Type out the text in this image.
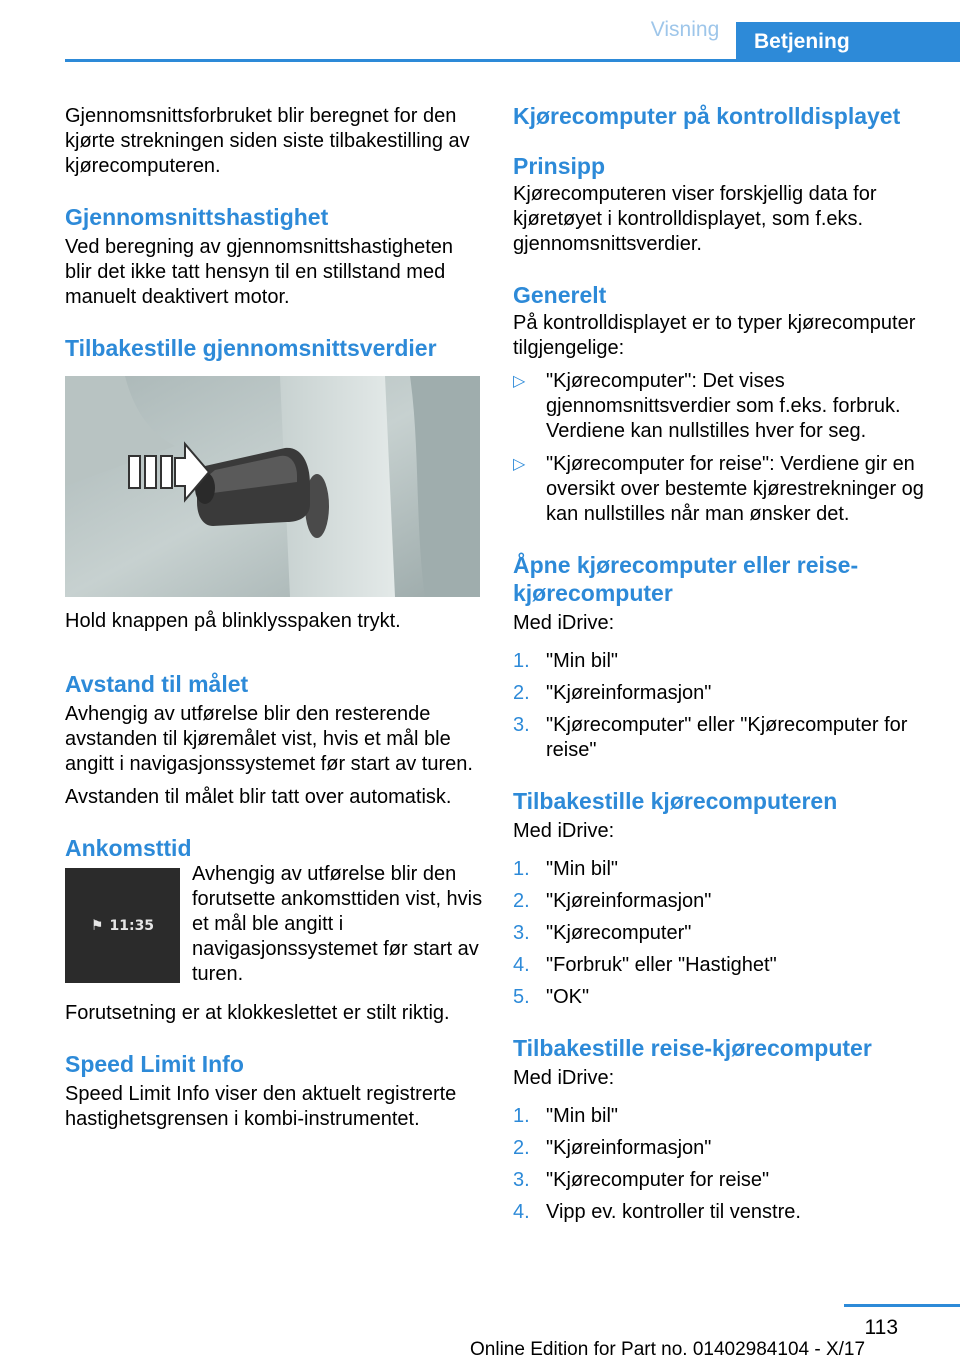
Visning
Betjening

Gjennomsnittsforbruket blir beregnet for den kjørte strekningen siden siste tilbakestilling av kjørecomputeren.

Gjennomsnittshastighet

Ved beregning av gjennomsnittshastigheten blir det ikke tatt hensyn til en stillstand med manuelt deaktivert motor.

Tilbakestille gjennomsnittsverdier

Hold knappen på blinklysspaken trykt.

Avstand til målet

Avhengig av utførelse blir den resterende avstanden til kjøremålet vist, hvis et mål ble angitt i navigasjonssystemet før start av turen.

Avstanden til målet blir tatt over automatisk.

Ankomsttid
⚑ 11:35

Avhengig av utførelse blir den forutsette ankomsttiden vist, hvis et mål ble angitt i navigasjonssystemet før start av turen.

Forutsetning er at klokkeslettet er stilt riktig.

Speed Limit Info

Speed Limit Info viser den aktuelt registrerte hastighetsgrensen i kombi-instrumentet.

Kjørecomputer på kontrolldisplayet
Prinsipp

Kjørecomputeren viser forskjellig data for kjøretøyet i kontrolldisplayet, som f.eks. gjennomsnittsverdier.

Generelt

På kontrolldisplayet er to typer kjørecomputer tilgjengelige:

▷	"Kjørecomputer": Det vises gjennomsnittsverdier som f.eks. forbruk. Verdiene kan nullstilles hver for seg.
▷	"Kjørecomputer for reise": Verdiene gir en oversikt over bestemte kjørestrekninger og kan nullstilles når man ønsker det.
Åpne kjørecomputer eller reise-kjørecomputer

Med iDrive:

1. "Min bil"
2. "Kjøreinformasjon"
3. "Kjørecomputer" eller "Kjørecomputer for reise"
Tilbakestille kjørecomputeren

Med iDrive:

1. "Min bil"
2. "Kjøreinformasjon"
3. "Kjørecomputer"
4. "Forbruk" eller "Hastighet"
5. "OK"
Tilbakestille reise-kjørecomputer

Med iDrive:

1. "Min bil"
2. "Kjøreinformasjon"
3. "Kjørecomputer for reise"
4. Vipp ev. kontroller til venstre.
113
Online Edition for Part no. 01402984104 - X/17
